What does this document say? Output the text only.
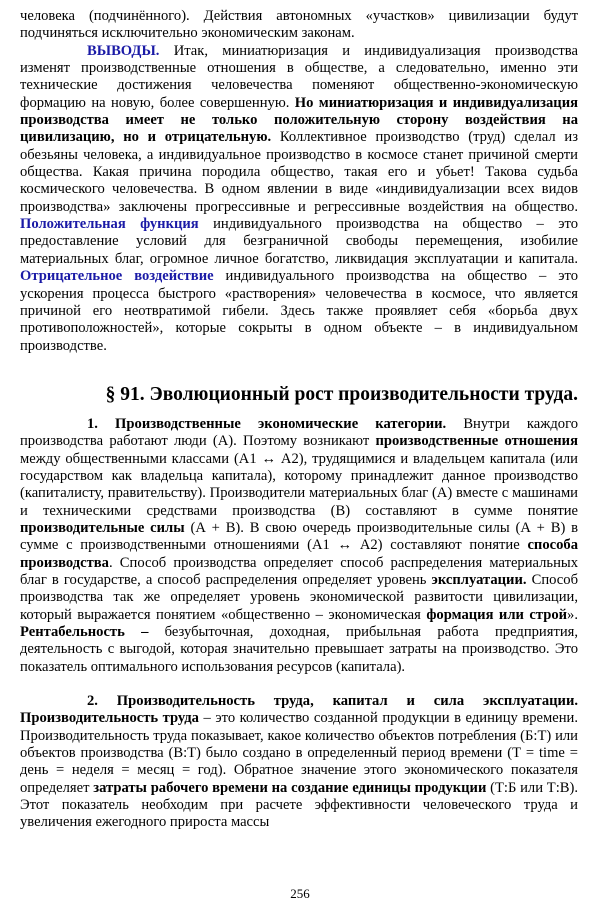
человека (подчинённого). Действия автономных «участков» цивилизации будут подчиняться исключительно экономическим законам.

ВЫВОДЫ. Итак, миниатюризация и индивидуализация производства изменят производственные отношения в обществе, а следовательно, именно эти технические достижения человечества поменяют общественно-экономическую формацию на новую, более совершенную. Но миниатюризация и индивидуализация производства имеет не только положительную сторону воздействия на цивилизацию, но и отрицательную. Коллективное производство (труд) сделал из обезьяны человека, а индивидуальное производство в космосе станет причиной смерти общества. Какая причина породила общество, такая его и убьет! Такова судьба космического человечества. В одном явлении в виде «индивидуализации всех видов производства» заключены прогрессивные и регрессивные воздействия на общество. Положительная функция индивидуального производства на общество – это предоставление условий для безграничной свободы перемещения, изобилие материальных благ, огромное личное богатство, ликвидация эксплуатации и капитала. Отрицательное воздействие индивидуального производства на общество – это ускорения процесса быстрого «растворения» человечества в космосе, что является причиной его неотвратимой гибели. Здесь также проявляет себя «борьба двух противоположностей», которые сокрыты в одном объекте – в индивидуальном производстве.

§ 91. Эволюционный рост производительности труда.

1. Производственные экономические категории. Внутри каждого производства работают люди (А). Поэтому возникают производственные отношения между общественными классами (А1 ↔ А2), трудящимися и владельцем капитала (или государством как владельца капитала), которому принадлежит данное производство (капиталисту, правительству). Производители материальных благ (А) вместе с машинами и техническими средствами производства (В) составляют в сумме понятие производительные силы (А + В). В свою очередь производительные силы (А + В) в сумме с производственными отношениями (А1 ↔ А2) составляют понятие способа производства. Способ производства определяет способ распределения материальных благ в государстве, а способ распределения определяет уровень эксплуатации. Способ производства так же определяет уровень экономической развитости цивилизации, который выражается понятием «общественно – экономическая формация или строй». Рентабельность – безубыточная, доходная, прибыльная работа предприятия, деятельность с выгодой, которая значительно превышает затраты на производство. Это показатель оптимального использования ресурсов (капитала).

2. Производительность труда, капитал и сила эксплуатации. Производительность труда – это количество созданной продукции в единицу времени. Производительность труда показывает, какое количество объектов потребления (Б:Т) или объектов производства (В:Т) было создано в определенный период времени (Т = time = день = неделя = месяц = год). Обратное значение этого экономического показателя определяет затраты рабочего времени на создание единицы продукции (Т:Б или Т:В). Этот показатель необходим при расчете эффективности человеческого труда и увеличения ежегодного прироста массы

256
